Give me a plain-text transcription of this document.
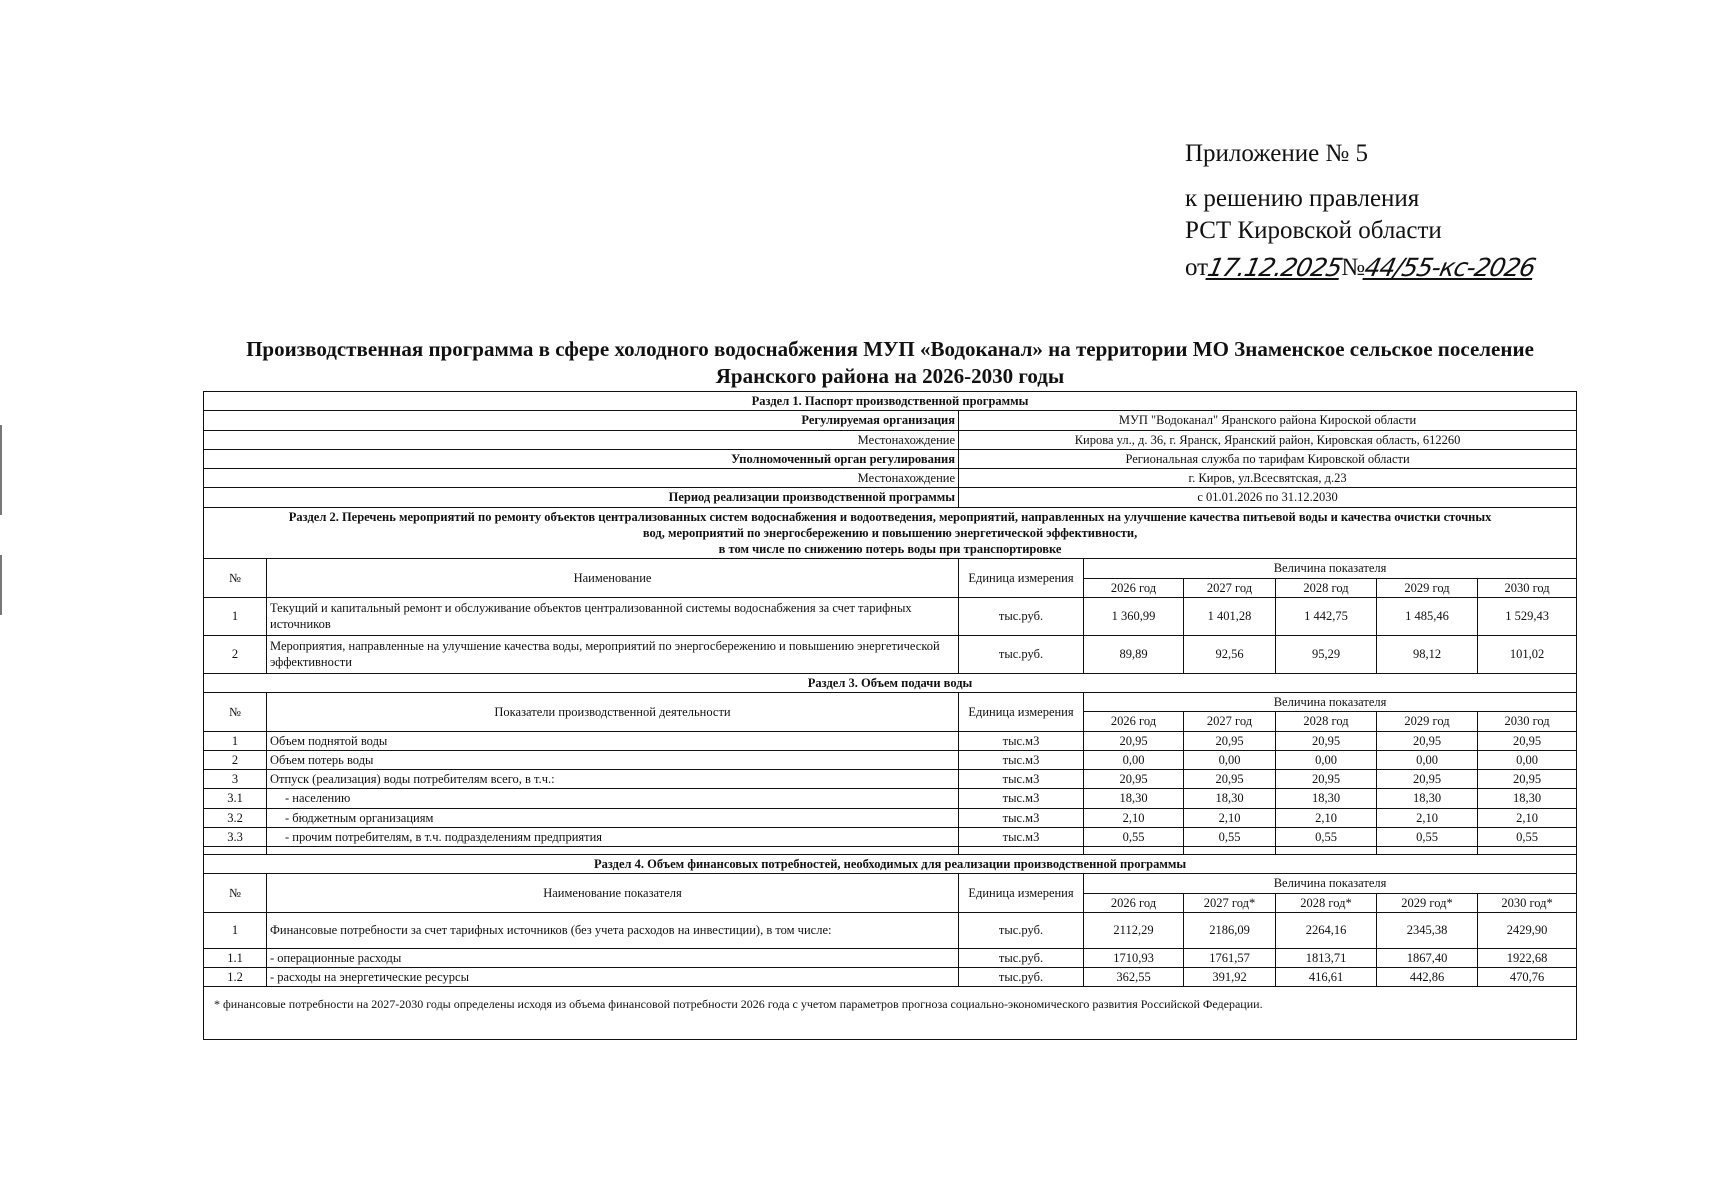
Приложение № 5
к решению правления
РСТ Кировской области
от
17.12.2025
№
44/55-кс-2026
Производственная программа в сфере холодного водоснабжения МУП «Водоканал» на территории МО Знаменское сельское поселение
Яранского района на 2026-2030 годы
Раздел 1. Паспорт производственной программы							
Регулируемая организация		МУП "Водоканал" Яранского района Кироской области					
Местонахождение		Кирова ул., д. 36, г. Яранск, Яранский район, Кировская область, 612260					
Уполномоченный орган регулирования		Региональная служба по тарифам Кировской области					
Местонахождение		г. Киров, ул.Всесвятская, д.23					
Период реализации производственной программы		с 01.01.2026 по 31.12.2030					

Раздел 2. Перечень мероприятий по ремонту объектов централизованных систем водоснабжения и водоотведения, мероприятий, направленных на улучшение качества питьевой воды и качества очистки сточных
вод, мероприятий по энергосбережению и повышению энергетической эффективности,
в том числе по снижению потерь воды при транспортировке							

№	Наименование	Единица измерения	Величина показателя				
			2026 год	2027 год	2028 год	2029 год	2030 год
1	Текущий и капитальный ремонт и обслуживание объектов централизованной системы водоснабжения за счет тарифных источников	тыс.руб.	1 360,99	1 401,28	1 442,75	1 485,46	1 529,43
2	Мероприятия, направленные на улучшение качества воды, мероприятий по энергосбережению и повышению энергетической эффективности	тыс.руб.	89,89	92,56	95,29	98,12	101,02
Раздел 3. Объем подачи воды							
№	Показатели производственной деятельности	Единица измерения	Величина показателя				
			2026 год	2027 год	2028 год	2029 год	2030 год
1	Объем поднятой воды	тыс.м3	20,95	20,95	20,95	20,95	20,95
2	Объем потерь воды	тыс.м3	0,00	0,00	0,00	0,00	0,00
3	Отпуск (реализация) воды потребителям всего, в т.ч.:	тыс.м3	20,95	20,95	20,95	20,95	20,95
3.1	- населению	тыс.м3	18,30	18,30	18,30	18,30	18,30
3.2	- бюджетным организациям	тыс.м3	2,10	2,10	2,10	2,10	2,10
3.3	- прочим потребителям, в т.ч. подразделениям предприятия	тыс.м3	0,55	0,55	0,55	0,55	0,55

Раздел 4. Объем финансовых потребностей, необходимых для реализации производственной программы							
№	Наименование показателя	Единица измерения	Величина показателя				
			2026 год	2027 год*	2028 год*	2029 год*	2030 год*
1	Финансовые потребности за счет тарифных источников (без учета расходов на инвестиции), в том числе:	тыс.руб.	2112,29	2186,09	2264,16	2345,38	2429,90
1.1	- операционные расходы	тыс.руб.	1710,93	1761,57	1813,71	1867,40	1922,68
1.2	- расходы на энергетические ресурсы	тыс.руб.	362,55	391,92	416,61	442,86	470,76
* финансовые потребности на 2027-2030 годы определены исходя из объема финансовой потребности 2026 года с учетом параметров прогноза социально-экономического развития Российской Федерации.							
